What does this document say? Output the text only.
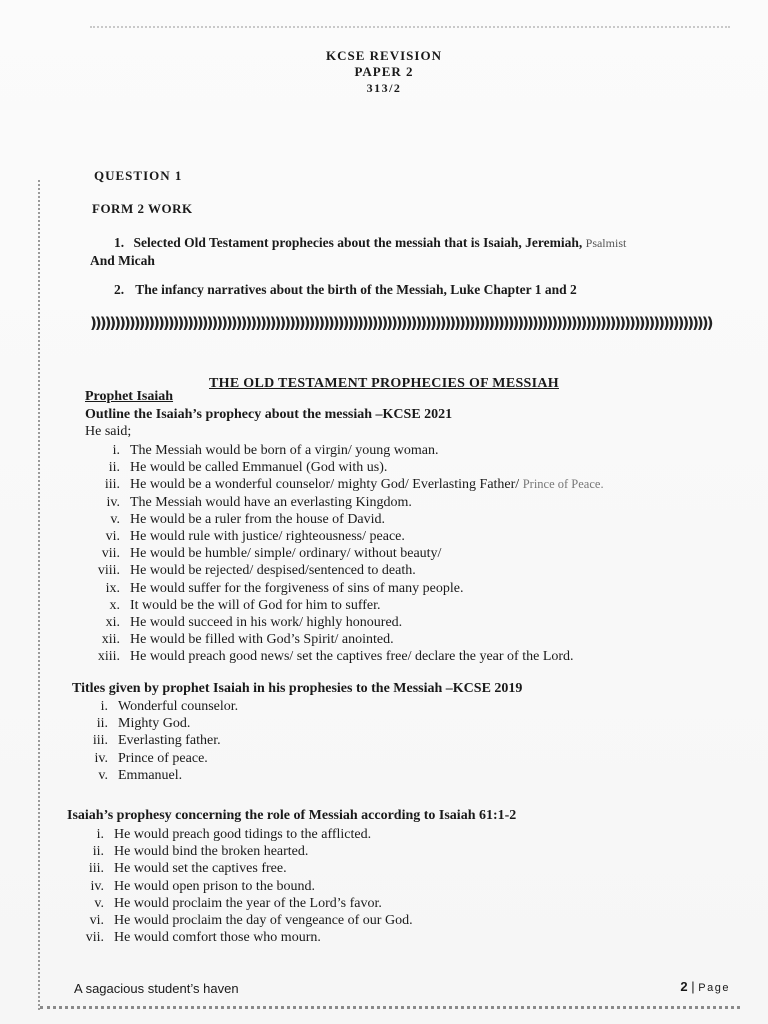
KCSE REVISION
PAPER 2
313/2
QUESTION 1
FORM 2 WORK
1. Selected Old Testament prophecies about the messiah that is Isaiah, Jeremiah, Psalmist
And Micah
2. The infancy narratives about the birth of the Messiah, Luke Chapter 1 and 2
))))))))))))))))))))))))))))))))))))))))))))))))))))))))))))))))))))))))))))))))))))))))))))))))))))))))))))))))))))))))))))))))
THE OLD TESTAMENT PROPHECIES OF MESSIAH
Prophet Isaiah
Outline the Isaiah’s prophecy about the messiah –KCSE 2021
He said;
i. The Messiah would be born of a virgin/ young woman.
ii. He would be called Emmanuel (God with us).
iii. He would be a wonderful counselor/ mighty God/ Everlasting Father/ Prince of Peace.
iv. The Messiah would have an everlasting Kingdom.
v. He would be a ruler from the house of David.
vi. He would rule with justice/ righteousness/ peace.
vii. He would be humble/ simple/ ordinary/ without beauty/
viii. He would be rejected/ despised/sentenced to death.
ix. He would suffer for the forgiveness of sins of many people.
x. It would be the will of God for him to suffer.
xi. He would succeed in his work/ highly honoured.
xii. He would be filled with God’s Spirit/ anointed.
xiii. He would preach good news/ set the captives free/ declare the year of the Lord.
Titles given by prophet Isaiah in his prophesies to the Messiah –KCSE 2019
i. Wonderful counselor.
ii. Mighty God.
iii. Everlasting father.
iv. Prince of peace.
v. Emmanuel.
Isaiah’s prophesy concerning the role of Messiah according to Isaiah 61:1-2
i. He would preach good tidings to the afflicted.
ii. He would bind the broken hearted.
iii. He would set the captives free.
iv. He would open prison to the bound.
v. He would proclaim the year of the Lord’s favor.
vi. He would proclaim the day of vengeance of our God.
vii. He would comfort those who mourn.
A sagacious student’s haven	2 | Page
